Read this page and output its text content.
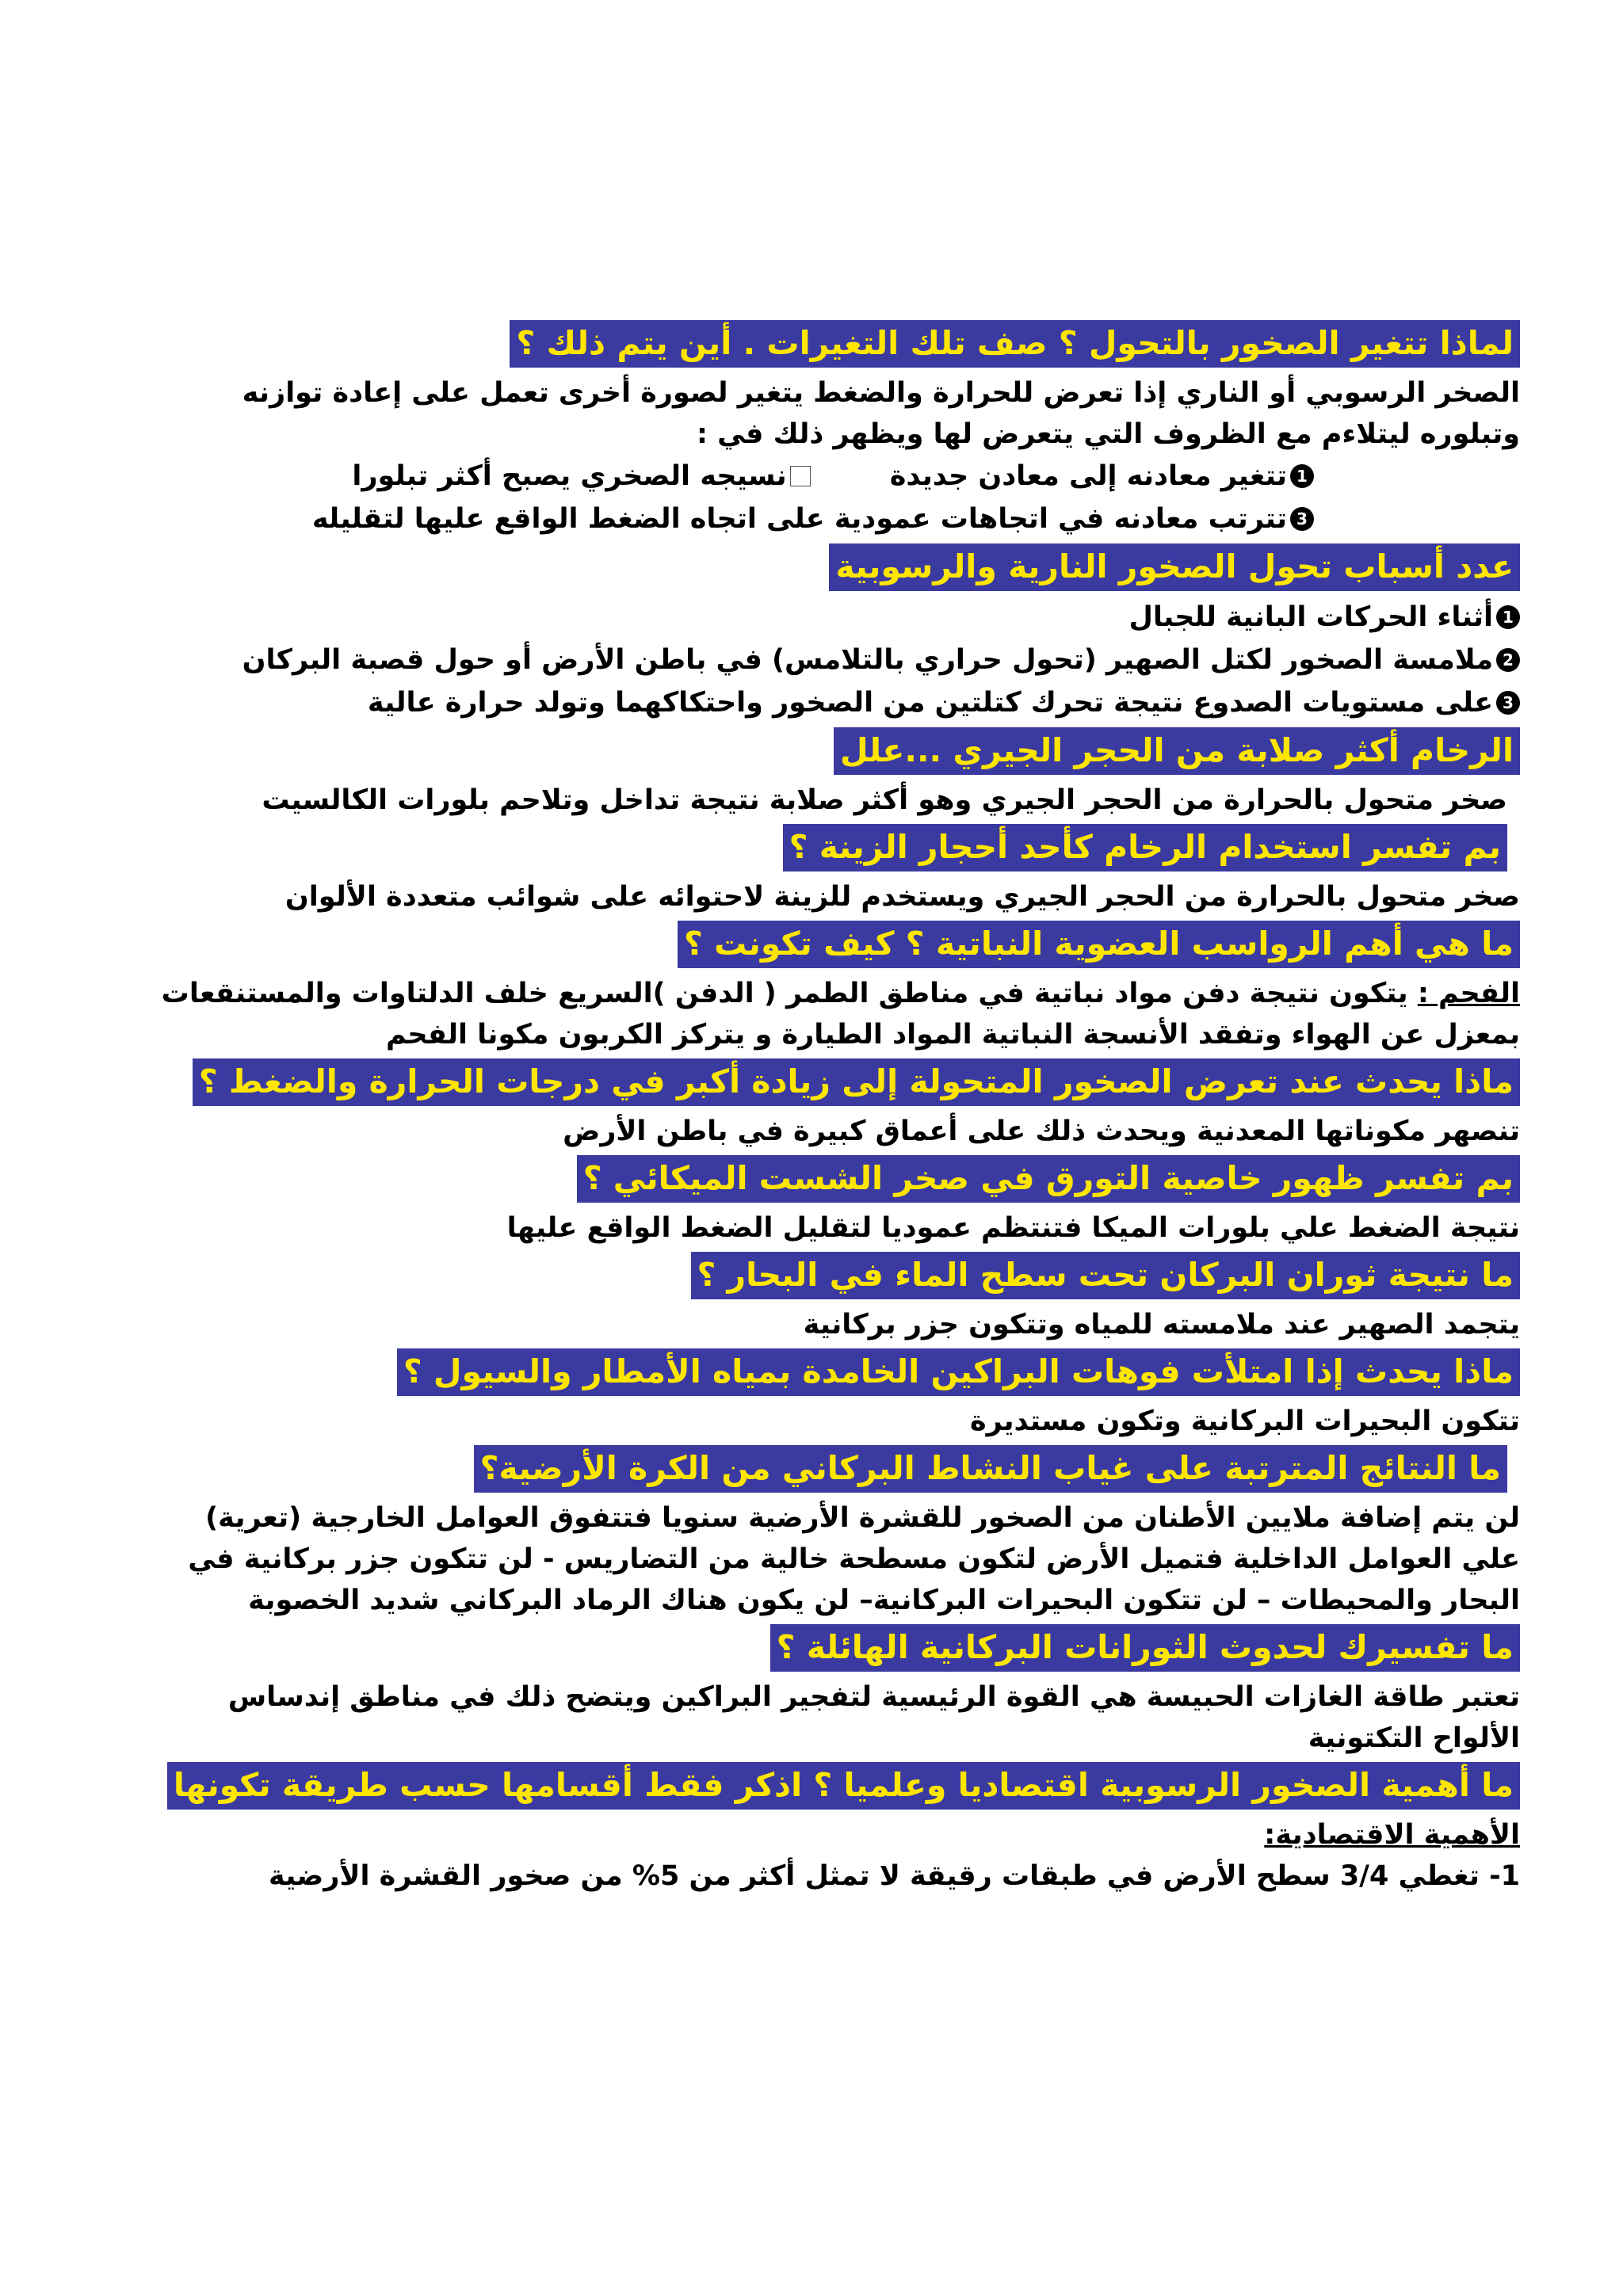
لماذا تتغير الصخور بالتحول ؟ صف تلك التغيرات . أين يتم ذلك ؟

الصخر الرسوبي أو الناري إذا تعرض للحرارة والضغط يتغير لصورة أخرى تعمل على إعادة توازنه

وتبلوره ليتلاءم مع الظروف التي يتعرض لها ويظهر ذلك في :

1
تتغير معادنه إلى معادن جديدة
نسيجه الصخري يصبح أكثر تبلورا
3
تترتب معادنه في اتجاهات عمودية على اتجاه الضغط الواقع عليها لتقليله
عدد أسباب تحول الصخور النارية والرسوبية
1
أثناء الحركات البانية للجبال
2
ملامسة الصخور لكتل الصهير (تحول حراري بالتلامس) في باطن الأرض أو حول قصبة البركان
3
على مستويات الصدوع نتيجة تحرك كتلتين من الصخور واحتكاكهما وتولد حرارة عالية
الرخام أكثر صلابة من الحجر الجيري ...علل

صخر متحول بالحرارة من الحجر الجيري وهو أكثر صلابة نتيجة تداخل وتلاحم بلورات الكالسيت

بم تفسر استخدام الرخام كأحد أحجار الزينة ؟

صخر متحول بالحرارة من الحجر الجيري ويستخدم للزينة لاحتوائه على شوائب متعددة الألوان

ما هي أهم الرواسب العضوية النباتية ؟ كيف تكونت ؟

الفحم : يتكون نتيجة دفن مواد نباتية في مناطق الطمر ( الدفن )السريع خلف الدلتاوات والمستنقعات

بمعزل عن الهواء وتفقد الأنسجة النباتية المواد الطيارة و يتركز الكربون مكونا الفحم

ماذا يحدث عند تعرض الصخور المتحولة إلى زيادة أكبر في درجات الحرارة والضغط ؟

تنصهر مكوناتها المعدنية ويحدث ذلك على أعماق كبيرة في باطن الأرض

بم تفسر ظهور خاصية التورق في صخر الشست الميكائي ؟

نتيجة الضغط علي بلورات الميكا فتنتظم عموديا لتقليل الضغط الواقع عليها

ما نتيجة ثوران البركان تحت سطح الماء في البحار ؟

يتجمد الصهير عند ملامسته للمياه وتتكون جزر بركانية

ماذا يحدث إذا امتلأت فوهات البراكين الخامدة بمياه الأمطار والسيول ؟

تتكون البحيرات البركانية وتكون مستديرة

ما النتائج المترتبة على غياب النشاط البركاني من الكرة الأرضية؟

لن يتم إضافة ملايين الأطنان من الصخور للقشرة الأرضية سنويا فتتفوق العوامل الخارجية (تعرية)

علي العوامل الداخلية فتميل الأرض لتكون مسطحة خالية من التضاريس - لن تتكون جزر بركانية في

البحار والمحيطات – لن تتكون البحيرات البركانية– لن يكون هناك الرماد البركاني شديد الخصوبة

ما تفسيرك لحدوث الثورانات البركانية الهائلة ؟

تعتبر طاقة الغازات الحبيسة هي القوة الرئيسية لتفجير البراكين ويتضح ذلك في مناطق إندساس

الألواح التكتونية

ما أهمية الصخور الرسوبية اقتصاديا وعلميا ؟ اذكر فقط أقسامها حسب طريقة تكونها

الأهمية الاقتصادية:

1- تغطي 3/4 سطح الأرض في طبقات رقيقة لا تمثل أكثر من 5% من صخور القشرة الأرضية
